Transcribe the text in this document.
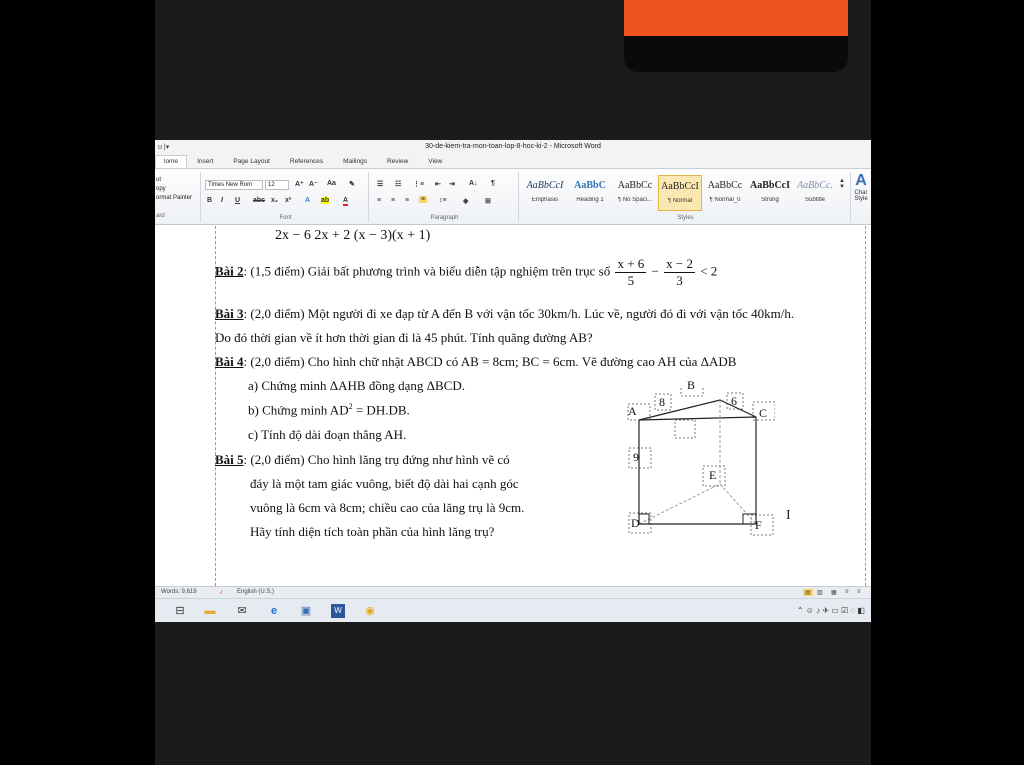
ʊ |▾	30-de-kiem-tra-mon-toan-lop-8-hoc-ki-2 - Microsoft Word
lome	Insert	Page Layout	References	Mailings	Review	View
ut
opy
ormat Painter
ard
Times New Rom	12	A⁺ A⁻ Aa ✎
B I U abc x₂ x² A ab A
Font
☰ ☷ ⋮≡ ⇤ ⇥ A↓ ¶
≡ ≡ ≡ ≡ ↕≡ ◈ ⊞
Paragraph
AaBbCcI
Emphasis
AaBbC
Heading 1
AaBbCc
¶ No Spaci...
AaBbCcI
¶ Normal
AaBbCc
¶ Normal_0
AaBbCcI
Strong
AaBbCc.
Subtitle
▲
▼
Styles
A
Char
Style
2x − 6 2x + 2 (x − 3)(x + 1)
Bài 2: (1,5 điểm) Giải bất phương trình và biểu diễn tập nghiệm trên trục số $\frac{x + 6}{5} - \frac{x - 2}{3} < 2$
Bài 3: (2,0 điểm) Một người đi xe đạp từ A đến B với vận tốc 30km/h. Lúc về, người đó đi với vận tốc 40km/h.
Do đó thời gian về ít hơn thời gian đi là 45 phút. Tính quãng đường AB?
Bài 4: (2,0 điểm) Cho hình chữ nhật ABCD có AB = 8cm; BC = 6cm. Vẽ đường cao AH của ΔADB
a) Chứng minh ΔAHB đồng dạng ΔBCD.
b) Chứng minh $AD^2 = DH.DB$.
c) Tính độ dài đoạn thẳng AH.
Bài 5: (2,0 điểm) Cho hình lăng trụ đứng như hình vẽ có
đáy là một tam giác vuông, biết độ dài hai cạnh góc
vuông là 6cm và 8cm; chiều cao của lăng trụ là 9cm.
Hãy tính diện tích toàn phần của hình lăng trụ?
I
A
B
C
D
E
F
8	6
9
Words: 9,619	✓ English (U.S.)	▤	▥ ▦ ≡ ≡
⊟ ▬ ✉	e	▣	W ◉	⌃ ☺ ♪ ✈ ▭ ☑ ◌ ◧
